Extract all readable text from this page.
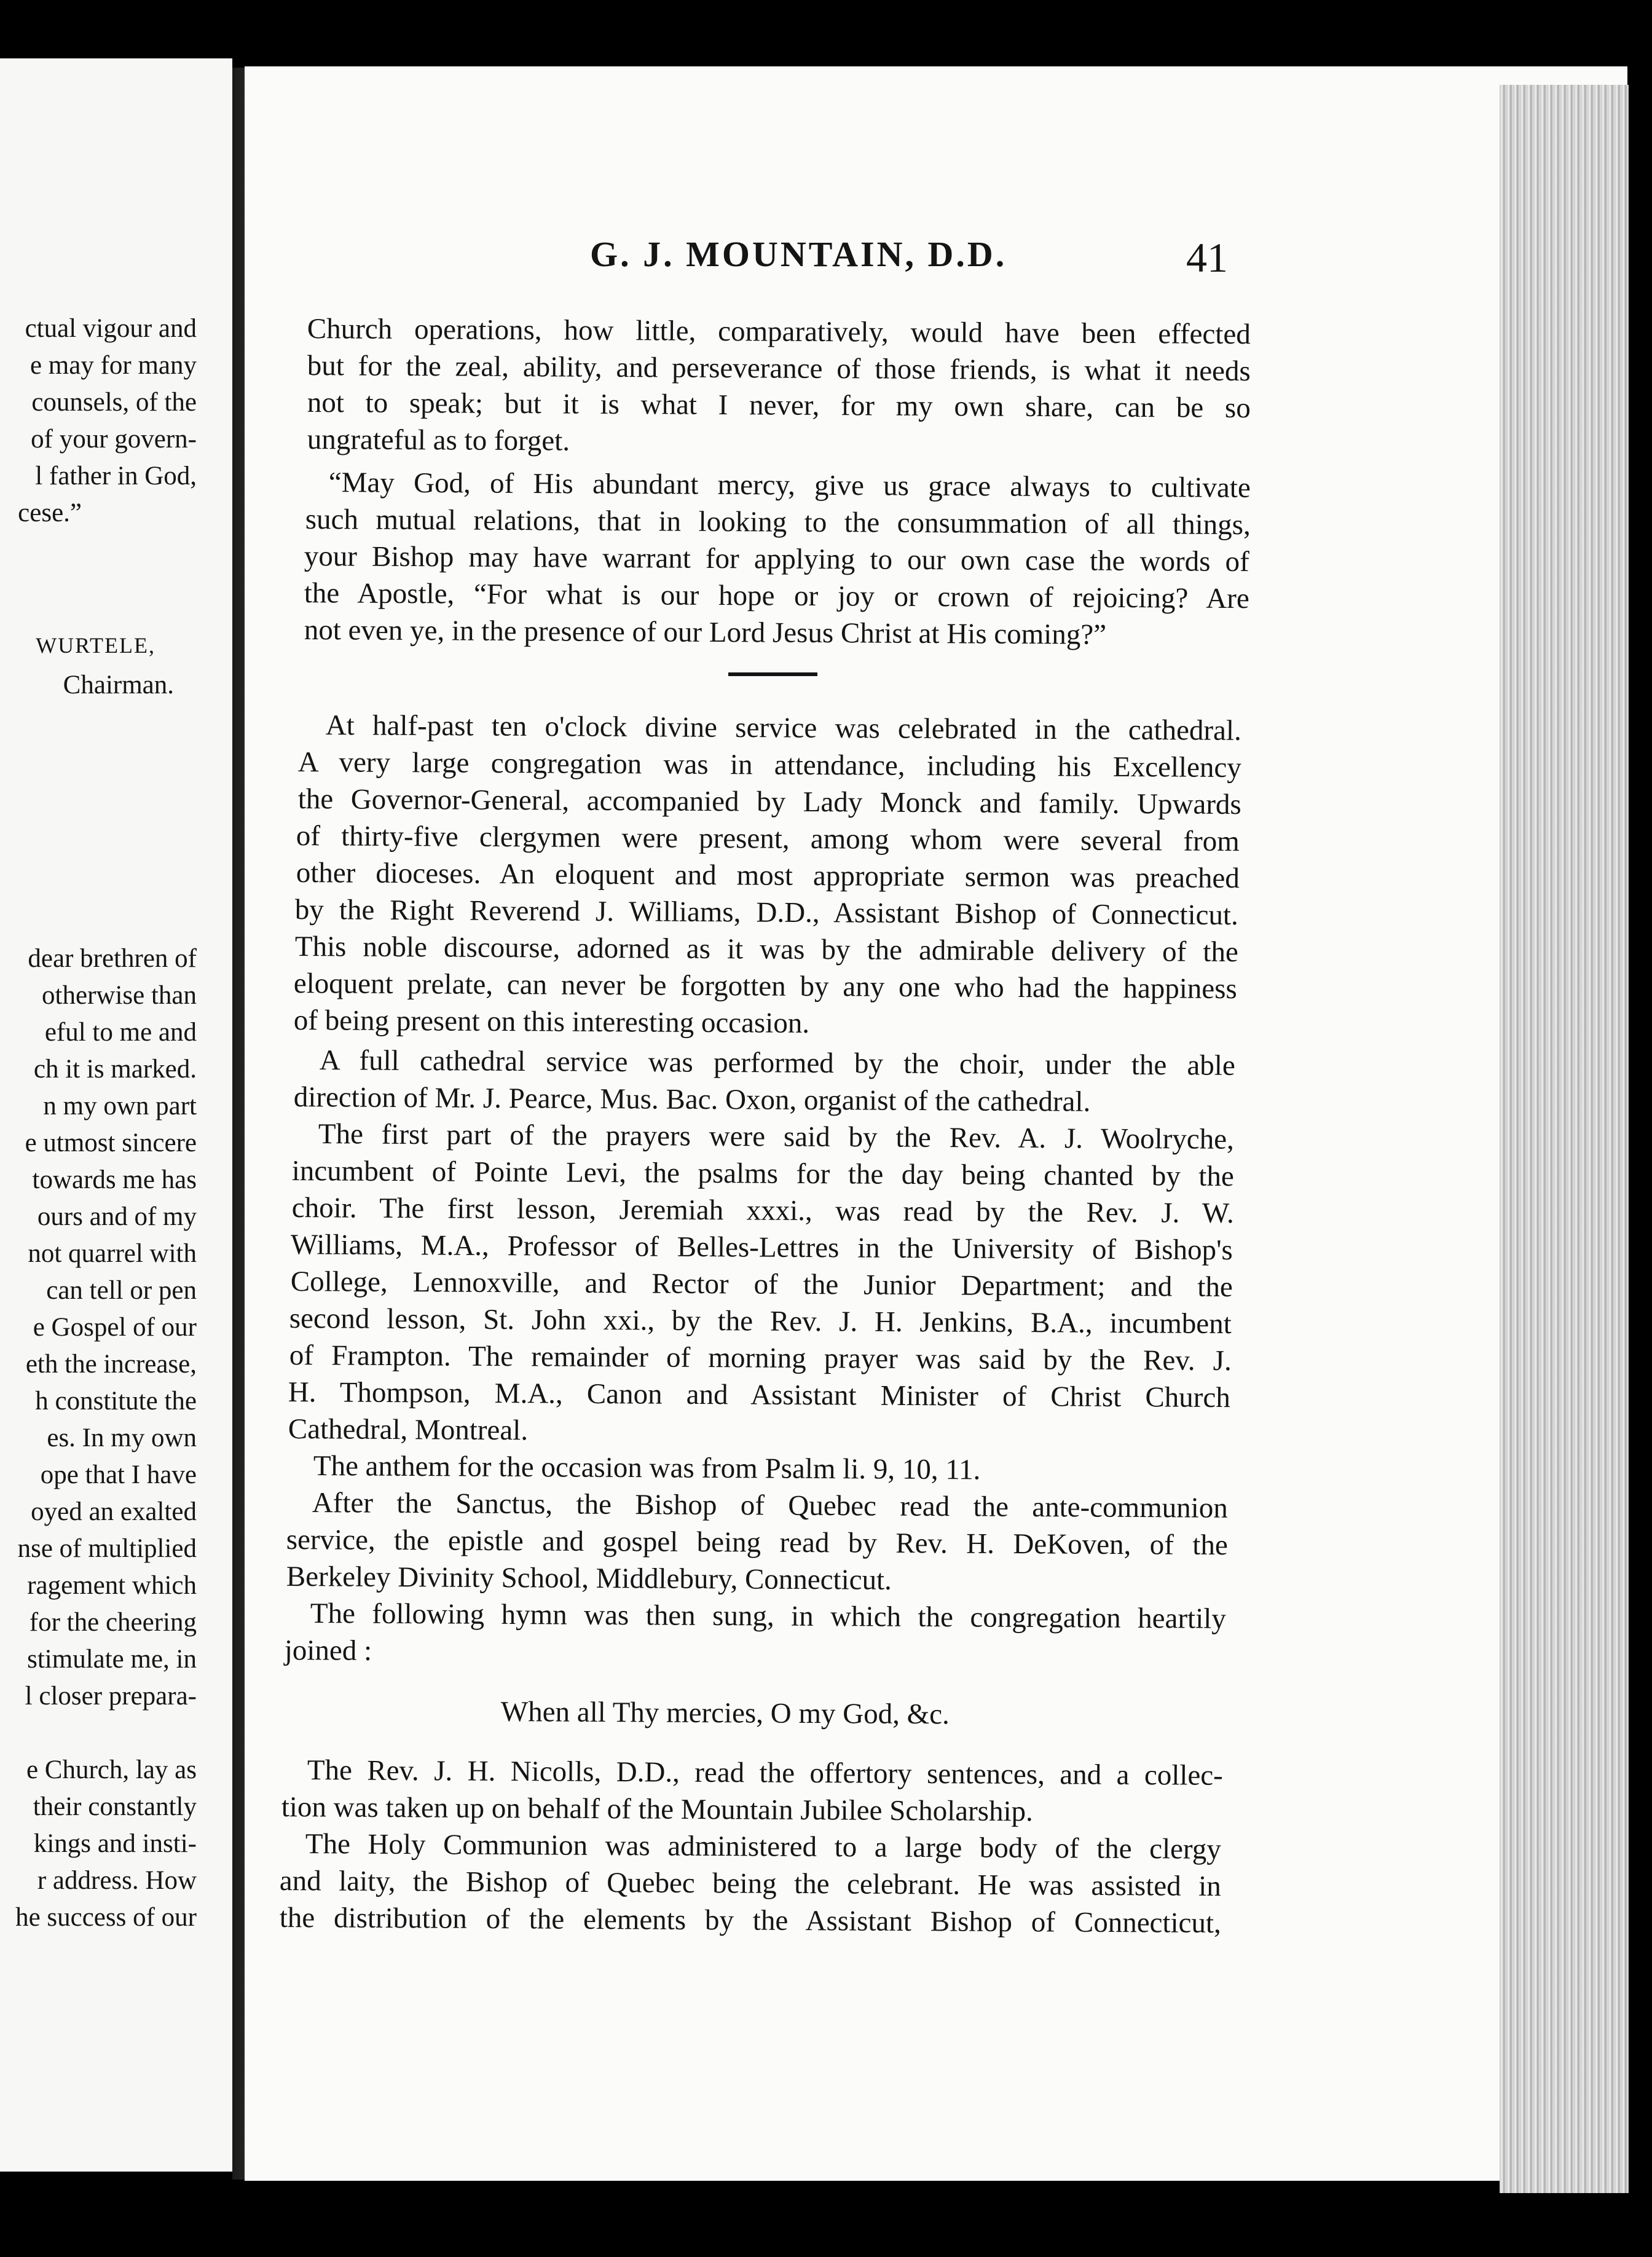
ctual vigour and
e may for many
counsels, of the
of your govern-
l father in God,
cese.”
WURTELE,
Chairman.
dear brethren of
otherwise than
eful to me and
ch it is marked.
n my own part
e utmost sincere
towards me has
ours and of my
not quarrel with
can tell or pen
e Gospel of our
eth the increase,
h constitute the
es. In my own
ope that I have
oyed an exalted
nse of multiplied
ragement which
for the cheering
stimulate me, in
l closer prepara-
e Church, lay as
their constantly
kings and insti-
r address. How
he success of our
G. J. MOUNTAIN, D.D.	41
Church operations, how little, comparatively, would have been effected
but for the zeal, ability, and perseverance of those friends, is what it needs
not to speak; but it is what I never, for my own share, can be so
ungrateful as to forget.
“May God, of His abundant mercy, give us grace always to cultivate
such mutual relations, that in looking to the consummation of all things,
your Bishop may have warrant for applying to our own case the words of
the Apostle, “For what is our hope or joy or crown of rejoicing? Are
not even ye, in the presence of our Lord Jesus Christ at His coming?”
At half-past ten o'clock divine service was celebrated in the cathedral.
A very large congregation was in attendance, including his Excellency
the Governor-General, accompanied by Lady Monck and family. Upwards
of thirty-five clergymen were present, among whom were several from
other dioceses. An eloquent and most appropriate sermon was preached
by the Right Reverend J. Williams, D.D., Assistant Bishop of Connecticut.
This noble discourse, adorned as it was by the admirable delivery of the
eloquent prelate, can never be forgotten by any one who had the happiness
of being present on this interesting occasion.
A full cathedral service was performed by the choir, under the able
direction of Mr. J. Pearce, Mus. Bac. Oxon, organist of the cathedral.
The first part of the prayers were said by the Rev. A. J. Woolryche,
incumbent of Pointe Levi, the psalms for the day being chanted by the
choir. The first lesson, Jeremiah xxxi., was read by the Rev. J. W.
Williams, M.A., Professor of Belles-Lettres in the University of Bishop's
College, Lennoxville, and Rector of the Junior Department; and the
second lesson, St. John xxi., by the Rev. J. H. Jenkins, B.A., incumbent
of Frampton. The remainder of morning prayer was said by the Rev. J.
H. Thompson, M.A., Canon and Assistant Minister of Christ Church
Cathedral, Montreal.
The anthem for the occasion was from Psalm li. 9, 10, 11.
After the Sanctus, the Bishop of Quebec read the ante-communion
service, the epistle and gospel being read by Rev. H. DeKoven, of the
Berkeley Divinity School, Middlebury, Connecticut.
The following hymn was then sung, in which the congregation heartily
joined :
When all Thy mercies, O my God, &c.
The Rev. J. H. Nicolls, D.D., read the offertory sentences, and a collec-
tion was taken up on behalf of the Mountain Jubilee Scholarship.
The Holy Communion was administered to a large body of the clergy
and laity, the Bishop of Quebec being the celebrant. He was assisted in
the distribution of the elements by the Assistant Bishop of Connecticut,
